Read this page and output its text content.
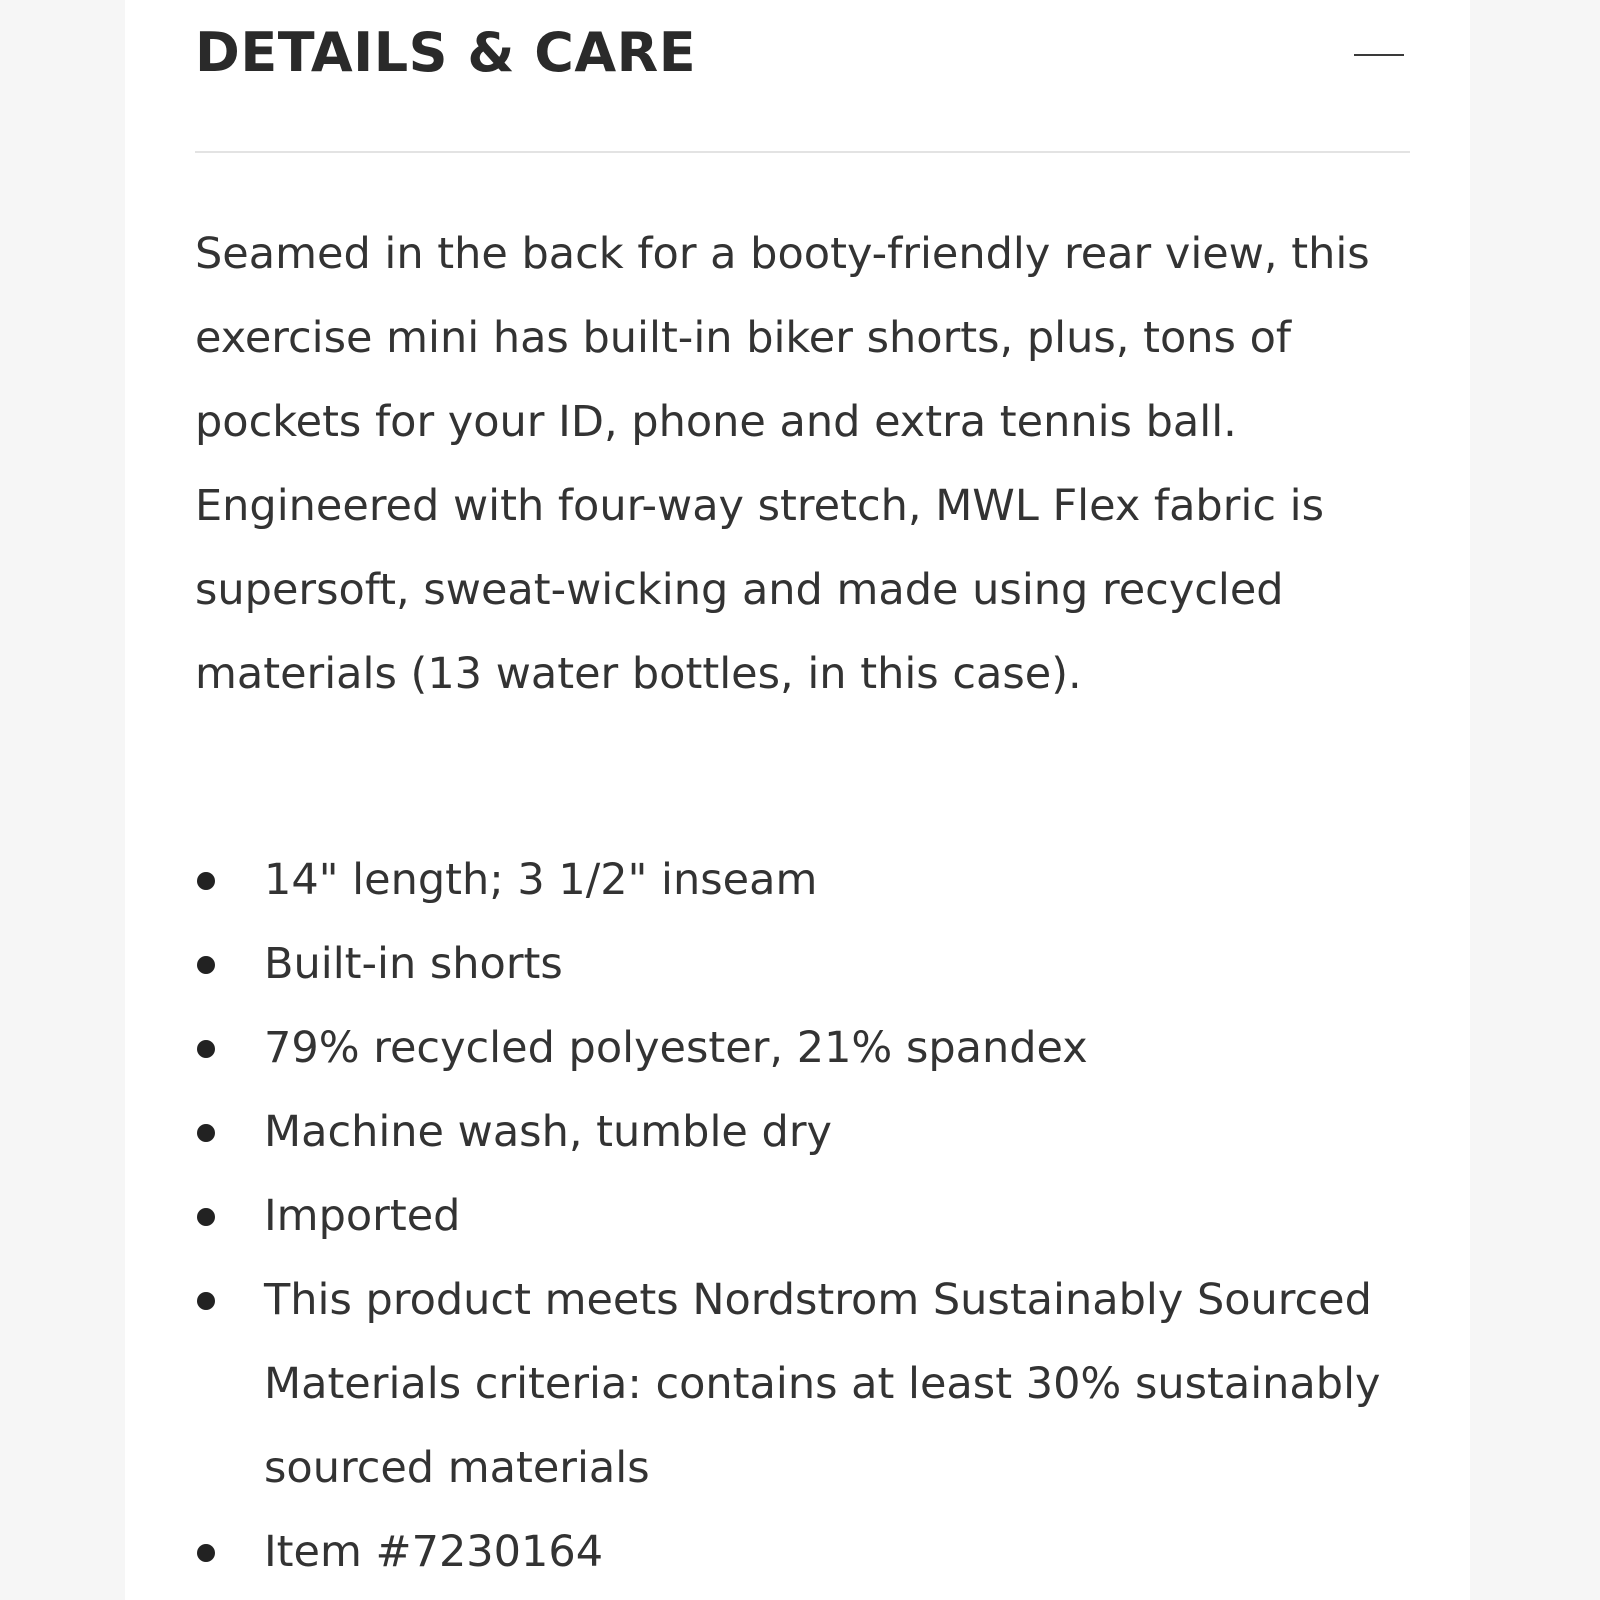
DETAILS & CARE

Seamed in the back for a booty-friendly rear view, this exercise mini has built-in biker shorts, plus, tons of pockets for your ID, phone and extra tennis ball. Engineered with four-way stretch, MWL Flex fabric is supersoft, sweat-wicking and made using recycled materials (13 water bottles, in this case).

14" length; 3 1/2" inseam
Built-in shorts
79% recycled polyester, 21% spandex
Machine wash, tumble dry
Imported
This product meets Nordstrom Sustainably Sourced Materials criteria: contains at least 30% sustainably sourced materials
Item #7230164
